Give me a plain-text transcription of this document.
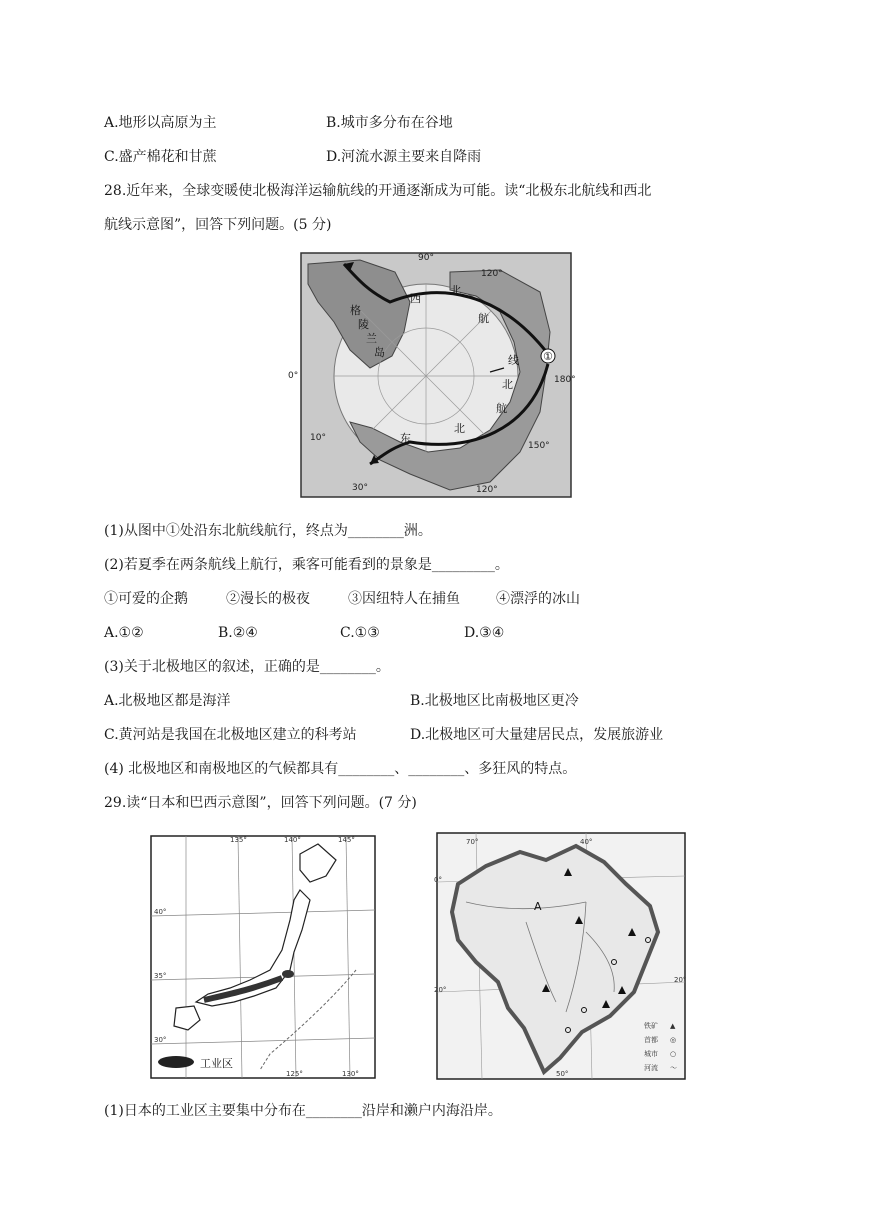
A.地形以高原为主	B.城市多分布在谷地
C.盛产棉花和甘蔗	D.河流水源主要来自降雨
28.近年来，全球变暖使北极海洋运输航线的开通逐渐成为可能。读“北极东北航线和西北
航线示意图”，回答下列问题。(5 分)
90°
120°
0°	180°
150°
10°
30°	120°
格
陵
兰
岛
西
北
航
线
北
航
东
北
①
(1)从图中①处沿东北航线航行，终点为________洲。
(2)若夏季在两条航线上航行，乘客可能看到的景象是_________。
①可爱的企鹅	②漫长的极夜	③因纽特人在捕鱼	④漂浮的冰山
A.①②	B.②④	C.①③	D.③④
(3)关于北极地区的叙述，正确的是________。
A.北极地区都是海洋	B.北极地区比南极地区更冷
C.黄河站是我国在北极地区建立的科考站	D.北极地区可大量建居民点，发展旅游业
(4) 北极地区和南极地区的气候都具有________、________、多狂风的特点。
29.读“日本和巴西示意图”，回答下列问题。(7 分)
工业区
135°	140°	145°
40°
35°
30°
125°	130°
A
70°	40°
0°
20°
20°
50°
铁矿 ▲
首都 ◎
城市 ○
河流 〜
(1)日本的工业区主要集中分布在________沿岸和濑户内海沿岸。
